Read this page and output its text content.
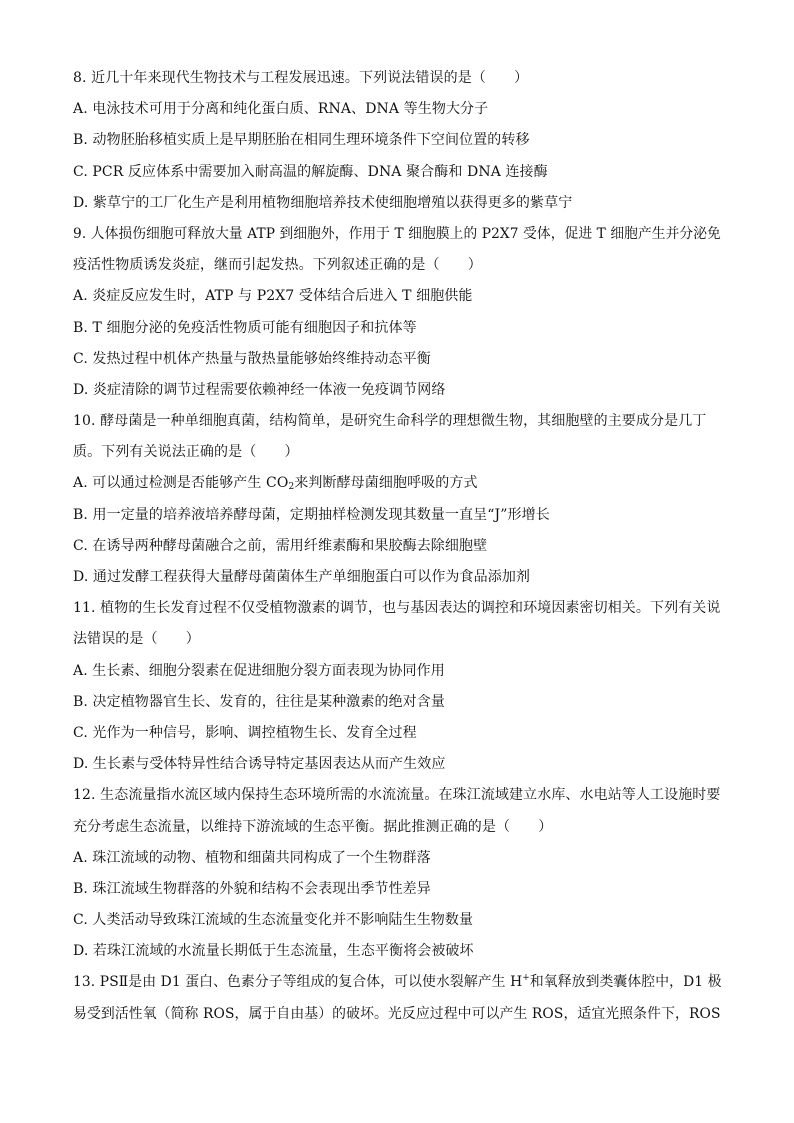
8. 近几十年来现代生物技术与工程发展迅速。下列说法错误的是（　　）
A. 电泳技术可用于分离和纯化蛋白质、RNA、DNA 等生物大分子
B. 动物胚胎移植实质上是早期胚胎在相同生理环境条件下空间位置的转移
C. PCR 反应体系中需要加入耐高温的解旋酶、DNA 聚合酶和 DNA 连接酶
D. 紫草宁的工厂化生产是利用植物细胞培养技术使细胞增殖以获得更多的紫草宁
9. 人体损伤细胞可释放大量 ATP 到细胞外，作用于 T 细胞膜上的 P2X7 受体，促进 T 细胞产生并分泌免
疫活性物质诱发炎症，继而引起发热。下列叙述正确的是（　　）
A. 炎症反应发生时，ATP 与 P2X7 受体结合后进入 T 细胞供能
B. T 细胞分泌的免疫活性物质可能有细胞因子和抗体等
C. 发热过程中机体产热量与散热量能够始终维持动态平衡
D. 炎症清除的调节过程需要依赖神经一体液一免疫调节网络
10. 酵母菌是一种单细胞真菌，结构简单，是研究生命科学的理想微生物，其细胞壁的主要成分是几丁
质。下列有关说法正确的是（　　）
A. 可以通过检测是否能够产生 $CO_2$来判断酵母菌细胞呼吸的方式
B. 用一定量的培养液培养酵母菌，定期抽样检测发现其数量一直呈“J”形增长
C. 在诱导两种酵母菌融合之前，需用纤维素酶和果胶酶去除细胞壁
D. 通过发酵工程获得大量酵母菌菌体生产单细胞蛋白可以作为食品添加剂
11. 植物的生长发育过程不仅受植物激素的调节，也与基因表达的调控和环境因素密切相关。下列有关说
法错误的是（　　）
A. 生长素、细胞分裂素在促进细胞分裂方面表现为协同作用
B. 决定植物器官生长、发育的，往往是某种激素的绝对含量
C. 光作为一种信号，影响、调控植物生长、发育全过程
D. 生长素与受体特异性结合诱导特定基因表达从而产生效应
12. 生态流量指水流区域内保持生态环境所需的水流流量。在珠江流域建立水库、水电站等人工设施时要
充分考虑生态流量，以维持下游流域的生态平衡。据此推测正确的是（　　）
A. 珠江流域的动物、植物和细菌共同构成了一个生物群落
B. 珠江流域生物群落的外貌和结构不会表现出季节性差异
C. 人类活动导致珠江流域的生态流量变化并不影响陆生生物数量
D. 若珠江流域的水流量长期低于生态流量，生态平衡将会被破坏
13. PSⅡ是由 D1 蛋白、色素分子等组成的复合体，可以使水裂解产生 H+和氧释放到类囊体腔中，D1 极
易受到活性氧（简称 ROS，属于自由基）的破坏。光反应过程中可以产生 ROS，适宜光照条件下，ROS
